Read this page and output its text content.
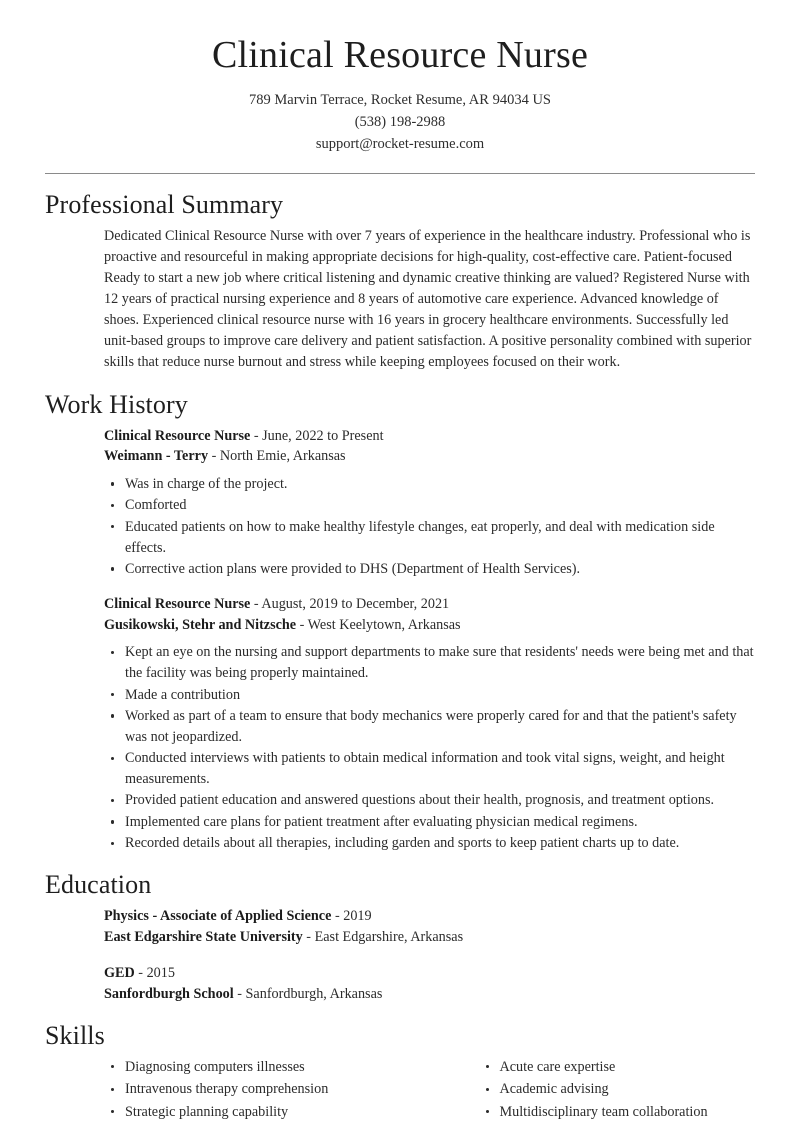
Clinical Resource Nurse

789 Marvin Terrace, Rocket Resume, AR 94034 US

(538) 198-2988

support@rocket-resume.com

Professional Summary

Dedicated Clinical Resource Nurse with over 7 years of experience in the healthcare industry. Professional who is proactive and resourceful in making appropriate decisions for high-quality, cost-effective care. Patient-focused Ready to start a new job where critical listening and dynamic creative thinking are valued? Registered Nurse with 12 years of practical nursing experience and 8 years of automotive care experience. Advanced knowledge of shoes. Experienced clinical resource nurse with 16 years in grocery healthcare environments. Successfully led unit-based groups to improve care delivery and patient satisfaction. A positive personality combined with superior skills that reduce nurse burnout and stress while keeping employees focused on their work.

Work History
Clinical Resource Nurse - June, 2022 to Present
Weimann - Terry - North Emie, Arkansas
Was in charge of the project.
Comforted
Educated patients on how to make healthy lifestyle changes, eat properly, and deal with medication side effects.
Corrective action plans were provided to DHS (Department of Health Services).
Clinical Resource Nurse - August, 2019 to December, 2021
Gusikowski, Stehr and Nitzsche - West Keelytown, Arkansas
Kept an eye on the nursing and support departments to make sure that residents' needs were being met and that the facility was being properly maintained.
Made a contribution
Worked as part of a team to ensure that body mechanics were properly cared for and that the patient's safety was not jeopardized.
Conducted interviews with patients to obtain medical information and took vital signs, weight, and height measurements.
Provided patient education and answered questions about their health, prognosis, and treatment options.
Implemented care plans for patient treatment after evaluating physician medical regimens.
Recorded details about all therapies, including garden and sports to keep patient charts up to date.
Education
Physics - Associate of Applied Science - 2019
East Edgarshire State University - East Edgarshire, Arkansas
GED - 2015
Sanfordburgh School - Sanfordburgh, Arkansas
Skills
Diagnosing computers illnesses
Intravenous therapy comprehension
Strategic planning capability
Acute care expertise
Academic advising
Multidisciplinary team collaboration
